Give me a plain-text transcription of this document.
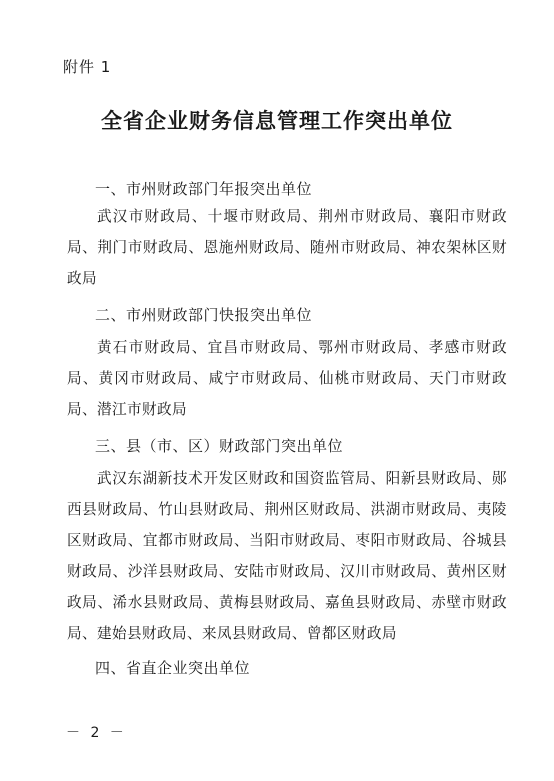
附件 1
全省企业财务信息管理工作突出单位
一、市州财政部门年报突出单位
武汉市财政局、十堰市财政局、荆州市财政局、襄阳市财政局、荆门市财政局、恩施州财政局、随州市财政局、神农架林区财政局
二、市州财政部门快报突出单位
黄石市财政局、宜昌市财政局、鄂州市财政局、孝感市财政局、黄冈市财政局、咸宁市财政局、仙桃市财政局、天门市财政局、潜江市财政局
三、县（市、区）财政部门突出单位
武汉东湖新技术开发区财政和国资监管局、阳新县财政局、郧西县财政局、竹山县财政局、荆州区财政局、洪湖市财政局、夷陵区财政局、宜都市财政局、当阳市财政局、枣阳市财政局、谷城县财政局、沙洋县财政局、安陆市财政局、汉川市财政局、黄州区财政局、浠水县财政局、黄梅县财政局、嘉鱼县财政局、赤壁市财政局、建始县财政局、来凤县财政局、曾都区财政局
四、省直企业突出单位
－ 2 －
